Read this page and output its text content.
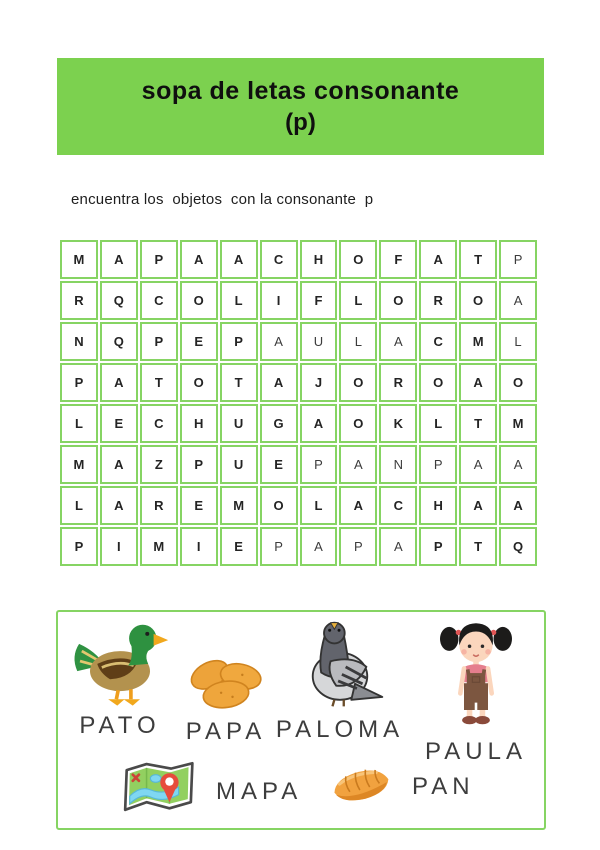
sopa de letas consonante
(p)

encuentra los  objetos  con la consonante  p

M	A	P	A	A	C	H	O	F	A	T	P
R	Q	C	O	L	I	F	L	O	R	O	A
N	Q	P	E	P	A	U	L	A	C	M	L
P	A	T	O	T	A	J	O	R	O	A	O
L	E	C	H	U	G	A	O	K	L	T	M
M	A	Z	P	U	E	P	A	N	P	A	A
L	A	R	E	M	O	L	A	C	H	A	A
P	I	M	I	E	P	A	P	A	P	T	Q
PATO PAPA PALOMA
PAULA
MAPA	PAN
